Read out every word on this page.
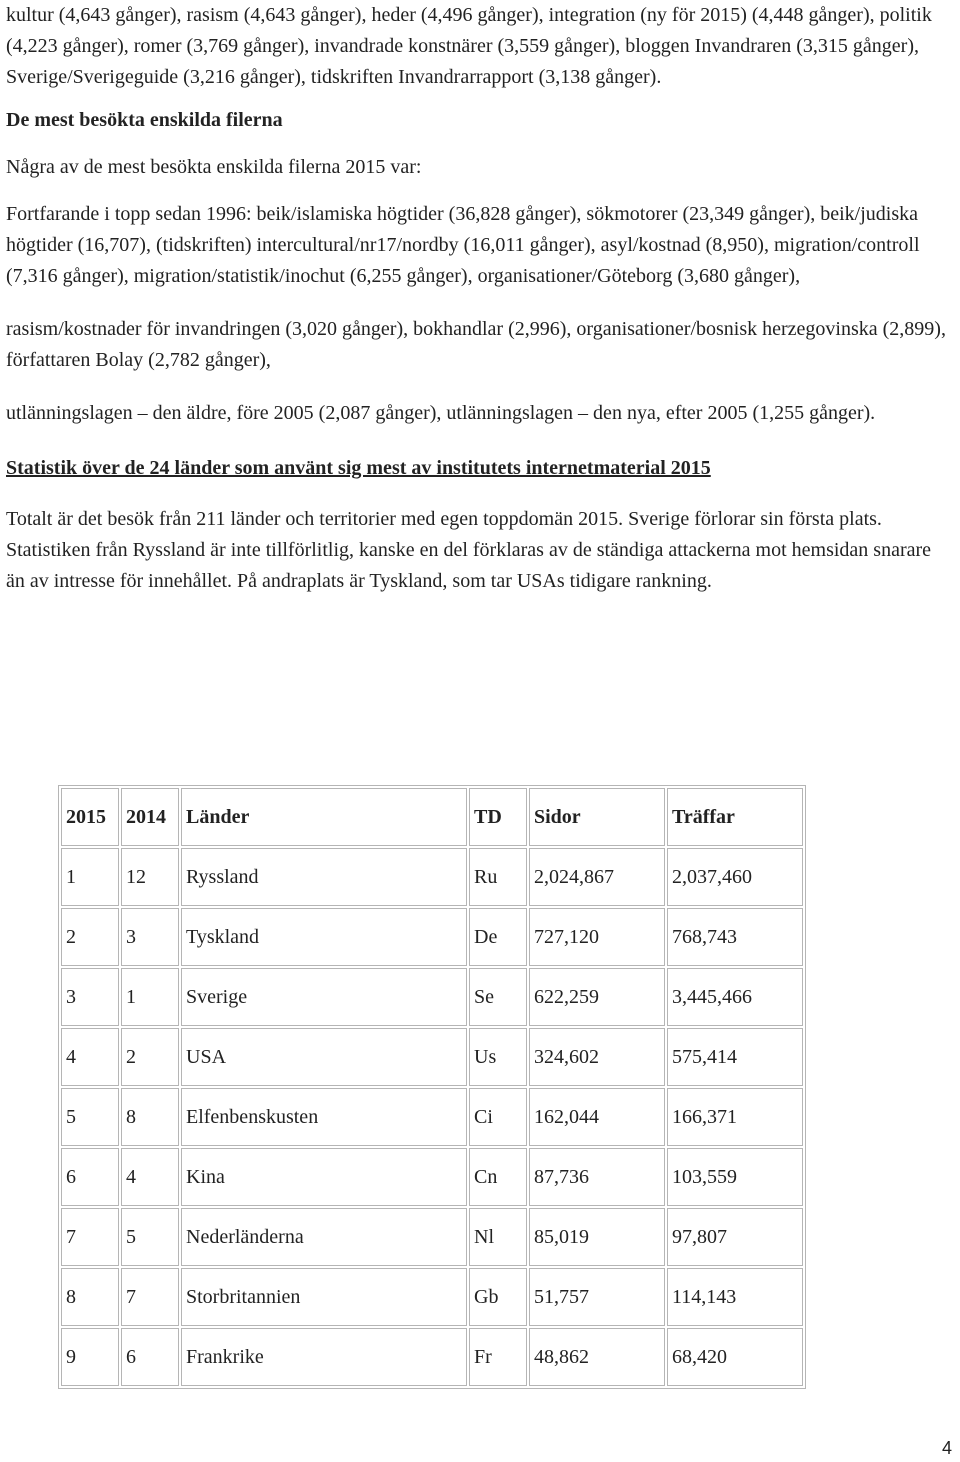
kultur (4,643 gånger), rasism (4,643 gånger), heder (4,496 gånger), integration (ny för 2015) (4,448 gånger), politik (4,223 gånger), romer (3,769 gånger), invandrade konstnärer (3,559 gånger), bloggen Invandraren (3,315 gånger), Sverige/Sverigeguide (3,216 gånger), tidskriften Invandrarrapport (3,138 gånger).

De mest besökta enskilda filerna

Några av de mest besökta enskilda filerna 2015 var:

Fortfarande i topp sedan 1996: beik/islamiska högtider (36,828 gånger), sökmotorer (23,349 gånger), beik/judiska högtider (16,707), (tidskriften) intercultural/nr17/nordby (16,011 gånger), asyl/kostnad (8,950), migration/controll (7,316 gånger), migration/statistik/inochut (6,255 gånger), organisationer/Göteborg (3,680 gånger),

rasism/kostnader för invandringen (3,020 gånger), bokhandlar (2,996), organisationer/bosnisk herzegovinska (2,899), författaren Bolay (2,782 gånger),

utlänningslagen – den äldre, före 2005 (2,087 gånger), utlänningslagen – den nya, efter 2005 (1,255 gånger).

Statistik över de 24 länder som använt sig mest av institutets internetmaterial 2015

Totalt är det besök från 211 länder och territorier med egen toppdomän 2015. Sverige förlorar sin första plats. Statistiken från Ryssland är inte tillförlitlig, kanske en del förklaras av de ständiga attackerna mot hemsidan snarare än av intresse för innehållet. På andraplats är Tyskland, som tar USAs tidigare rankning.

2015	2014	Länder	TD	Sidor	Träffar
1	12	Ryssland	Ru	2,024,867	2,037,460
2	3	Tyskland	De	727,120	768,743
3	1	Sverige	Se	622,259	3,445,466
4	2	USA	Us	324,602	575,414
5	8	Elfenbenskusten	Ci	162,044	166,371
6	4	Kina	Cn	87,736	103,559
7	5	Nederländerna	Nl	85,019	97,807
8	7	Storbritannien	Gb	51,757	114,143
9	6	Frankrike	Fr	48,862	68,420
4
